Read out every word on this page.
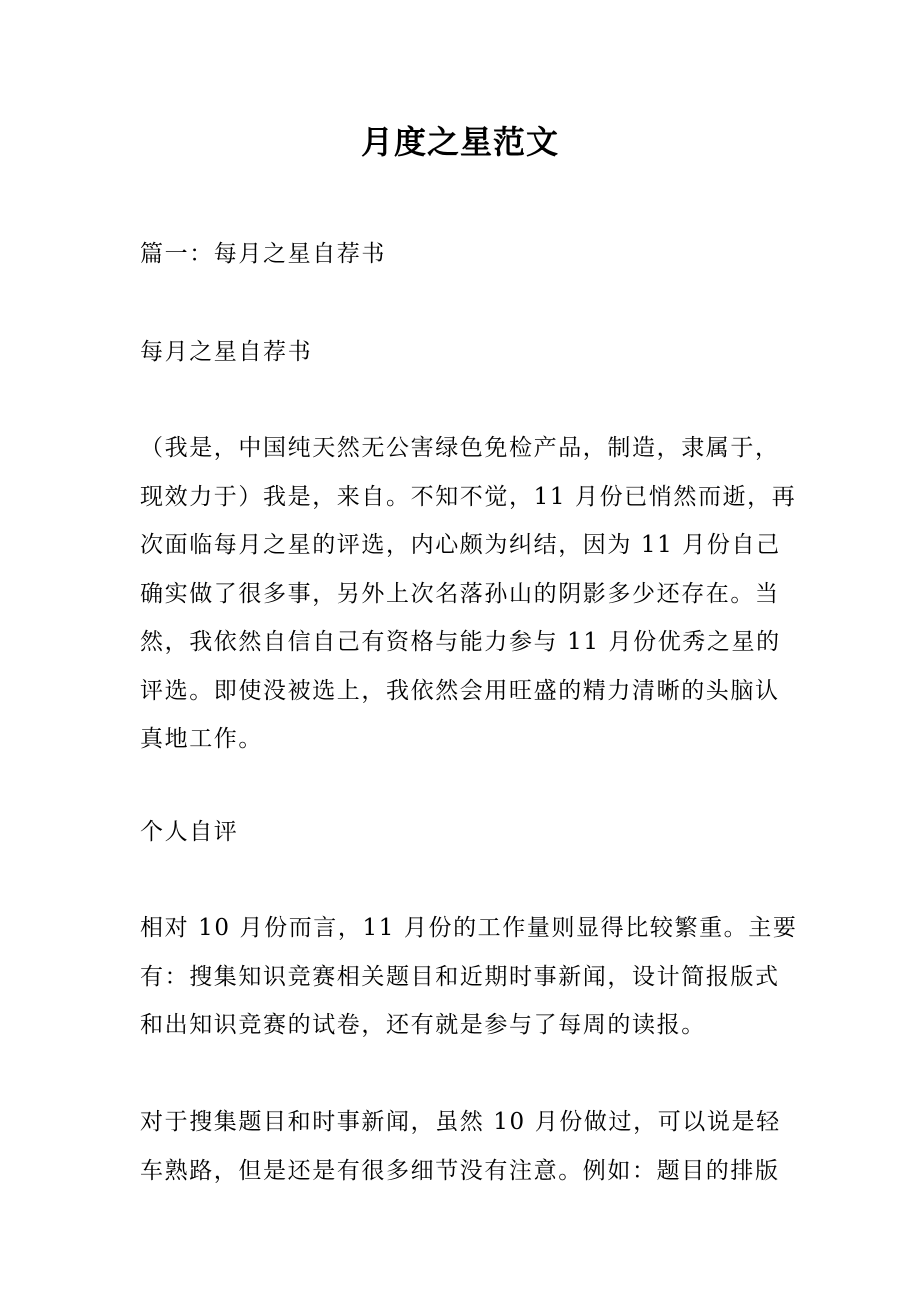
月度之星范文

篇一：每月之星自荐书

每月之星自荐书

（我是，中国纯天然无公害绿色免检产品，制造，隶属于，
现效力于）我是，来自。不知不觉，11 月份已悄然而逝，再
次面临每月之星的评选，内心颇为纠结，因为 11 月份自己
确实做了很多事，另外上次名落孙山的阴影多少还存在。当
然，我依然自信自己有资格与能力参与 11 月份优秀之星的
评选。即使没被选上，我依然会用旺盛的精力清晰的头脑认
真地工作。

个人自评

相对 10 月份而言，11 月份的工作量则显得比较繁重。主要
有：搜集知识竞赛相关题目和近期时事新闻，设计简报版式
和出知识竞赛的试卷，还有就是参与了每周的读报。
对于搜集题目和时事新闻，虽然 10 月份做过，可以说是轻
车熟路，但是还是有很多细节没有注意。例如：题目的排版
